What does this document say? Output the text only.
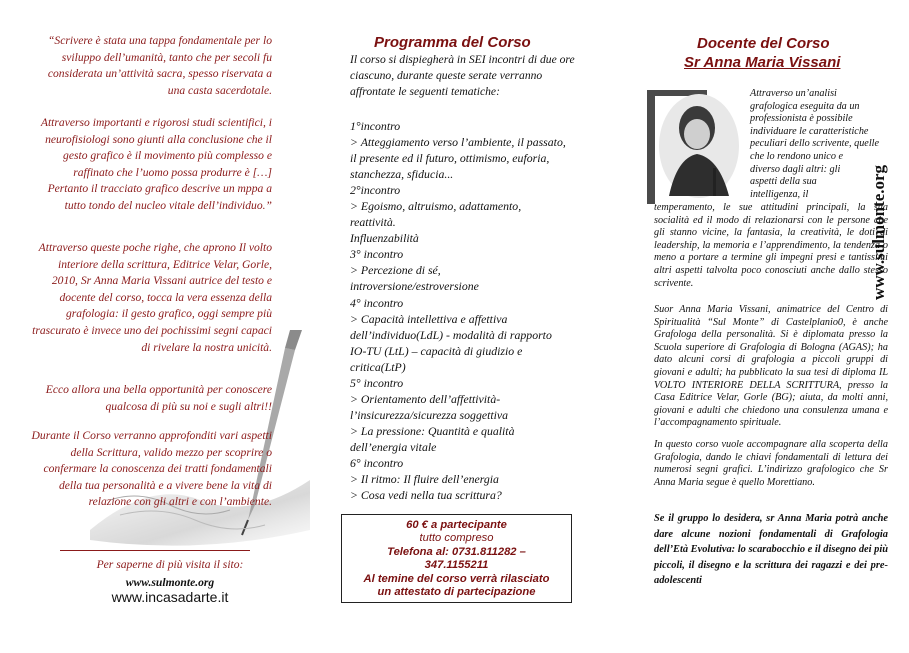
“Scrivere è stata una tappa fondamentale per lo sviluppo dell’umanità, tanto che per secoli fu considerata un’attività sacra, spesso riservata a una casta sacerdotale.

Attraverso importanti e rigorosi studi scientifici, i neurofisiologi sono giunti alla conclusione che il gesto grafico è il movimento più complesso e raffinato che l’uomo possa produrre è […] Pertanto il tracciato grafico descrive un mppa a tutto tondo del nucleo vitale dell’individuo.”

Attraverso queste poche righe, che aprono Il volto interiore della scrittura, Editrice Velar, Gorle, 2010, Sr Anna Maria Vissani autrice del testo e docente del corso, tocca la vera essenza della grafologia: il gesto grafico, oggi sempre più trascurato è invece uno dei pochissimi segni capaci di rivelare la nostra unicità.

Ecco allora una bella opportunità per conoscere qualcosa di più su noi e sugli altri!!

Durante il Corso verranno approfonditi vari aspetti della Scrittura, valido mezzo per scoprire o confermare la conoscenza dei tratti fondamentali della tua personalità e a vivere bene la vita di relazione con gli altri e con l’ambiente.

Per saperne di più visita il sito:

www.sulmonte.org

www.incasadarte.it

Programma del Corso

Il corso si dispiegherà in SEI incontri di due ore ciascuno, durante queste serate verranno affrontate le seguenti tematiche:

1°incontro
> Atteggiamento verso l’ambiente, il passato,
il presente ed il futuro, ottimismo, euforia,
stanchezza, sfiducia...
2°incontro
> Egoismo, altruismo, adattamento,
reattività.
Influenzabilità
3° incontro
> Percezione di sé,
introversione/estroversione
4° incontro
> Capacità intellettiva e affettiva
dell’individuo(LdL) - modalità di rapporto
IO-TU (LtL) – capacità di giudizio e
critica(LtP)
5° incontro
> Orientamento dell’affettività-
l’insicurezza/sicurezza soggettiva
> La pressione: Quantità e qualità
dell’energia vitale
6° incontro
> Il ritmo: Il fluire dell’energia
> Cosa vedi nella tua scrittura?
60 € a partecipante
tutto compreso
Telefona al: 0731.811282 –
347.1155211
Al temine del corso verrà rilasciato
un attestato di partecipazione
Docente del Corso
Sr Anna Maria Vissani
Attraverso un’analisi
grafologica eseguita da un
professionista è possibile
individuare le caratteristiche
peculiari dello scrivente, quelle
che lo rendono unico e
diverso dagli altri: gli
aspetti della sua
intelligenza, il	www.sulmonte.org

temperamento, le sue attitudini principali, la sua socialità ed il modo di relazionarsi con le persone che gli stanno vicine, la fantasia, la creatività, le doti di leadership, la memoria e l’apprendimento, la tendenza o meno a portare a termine gli impegni presi e tantissimi altri aspetti talvolta poco conosciuti anche dallo stesso scrivente.

Suor Anna Maria Vissani, animatrice del Centro di Spiritualità “Sul Monte” di Castelplanio0, è anche Grafologa della personalità. Si è diplomata presso la Scuola superiore di Grafologia di Bologna (AGAS); ha dato alcuni corsi di grafologia a piccoli gruppi di giovani e adulti; ha pubblicato la sua tesi di diploma IL VOLTO INTERIORE DELLA SCRITTURA, presso la Casa Editrice Velar, Gorle (BG); aiuta, da molti anni, giovani e adulti che chiedono una consulenza umana e l’accompagnamento spirituale.

In questo corso vuole accompagnare alla scoperta della Grafologia, dando le chiavi fondamentali di lettura dei numerosi segni grafici. L’indirizzo grafologico che Sr Anna Maria segue è quello Morettiano.

Se il gruppo lo desidera, sr Anna Maria potrà anche dare alcune nozioni fondamentali di Grafologia dell’Età Evolutiva: lo scarabocchio e il disegno dei più piccoli, il disegno e la scrittura dei ragazzi e dei pre-adolescenti
